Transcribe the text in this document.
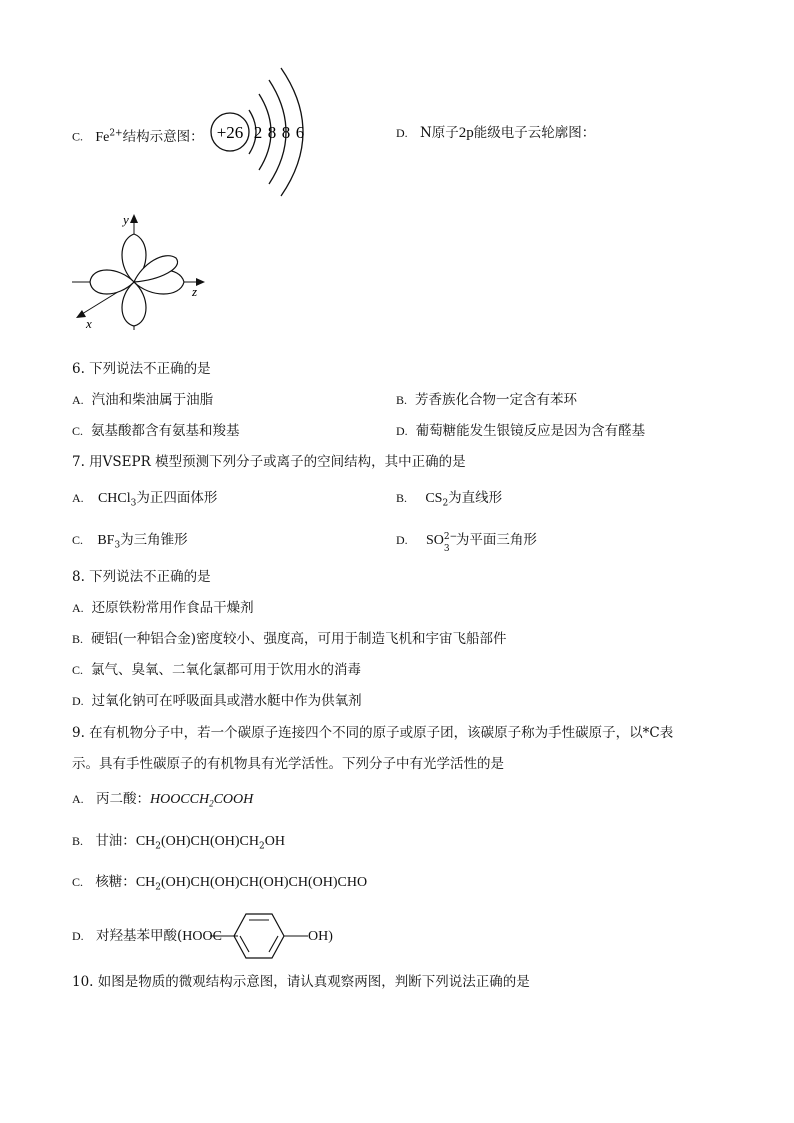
C. $Fe^{2+}$结构示意图： +26 2 8 8 6	D. N原子2p能级电子云轮廓图：
y
z
x
6. 下列说法不正确的是
A. 汽油和柴油属于油脂	B. 芳香族化合物一定含有苯环
C. 氨基酸都含有氨基和羧基	D. 葡萄糖能发生银镜反应是因为含有醛基
7. 用VSEPR 模型预测下列分子或离子的空间结构，其中正确的是
A. CHCl$_3$为正四面体形	B. $CS_2$为直线形
C. $BF_3$为三角锥形	D. SO 2−
3
为平面三角形
8. 下列说法不正确的是
A. 还原铁粉常用作食品干燥剂
B. 硬铝(一种铝合金)密度较小、强度高，可用于制造飞机和宇宙飞船部件
C. 氯气、臭氧、二氧化氯都可用于饮用水的消毒
D. 过氧化钠可在呼吸面具或潜水艇中作为供氧剂
9. 在有机物分子中，若一个碳原子连接四个不同的原子或原子团，该碳原子称为手性碳原子，以*C表
示。具有手性碳原子的有机物具有光学活性。下列分子中有光学活性的是
A. 丙二酸：$HOOCCH_2COOH$
B. 甘油：$CH_2(OH)CH(OH)CH_2OH$
C. 核糖：$CH_2(OH)CH(OH)CH(OH)CH(OH)CHO$
D. 对羟基苯甲酸(HOOC	OH)
10. 如图是物质的微观结构示意图，请认真观察两图，判断下列说法正确的是
